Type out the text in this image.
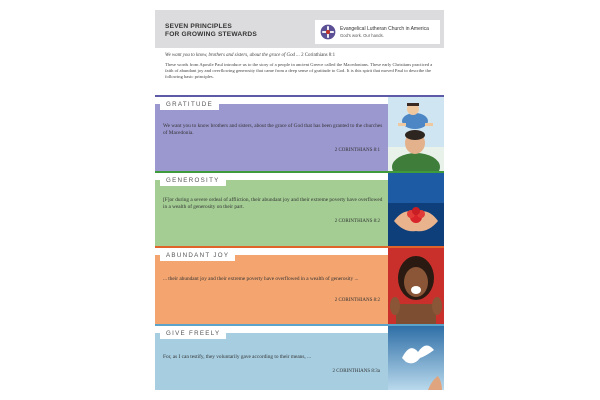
SEVEN PRINCIPLES
FOR GROWING STEWARDS
Evangelical Lutheran Church in America
God's work. Our hands.
We want you to know, brothers and sisters, about the grace of God ... 2 Corinthians 8:1
These words from Apostle Paul introduce us to the story of a people in ancient Greece called the Macedonians. These early Christians practiced a faith of abundant joy and overflowing generosity that came from a deep sense of gratitude to God. It is this spirit that moved Paul to describe the following basic principles.
GRATITUDE
We want you to know brothers and sisters, about the grace of God that has been granted to the churches of Macedonia.
2 CORINTHIANS 8:1
GENEROSITY
[F]or during a severe ordeal of affliction, their abundant joy and their extreme poverty have overflowed in a wealth of generosity on their part.
2 CORINTHIANS 8:2
ABUNDANT JOY
... their abundant joy and their extreme poverty have overflowed in a wealth of generosity ...
2 CORINTHIANS 8:2
GIVE FREELY
For, as I can testify, they voluntarily gave according to their means, ...
2 CORINTHIANS 8:3a
